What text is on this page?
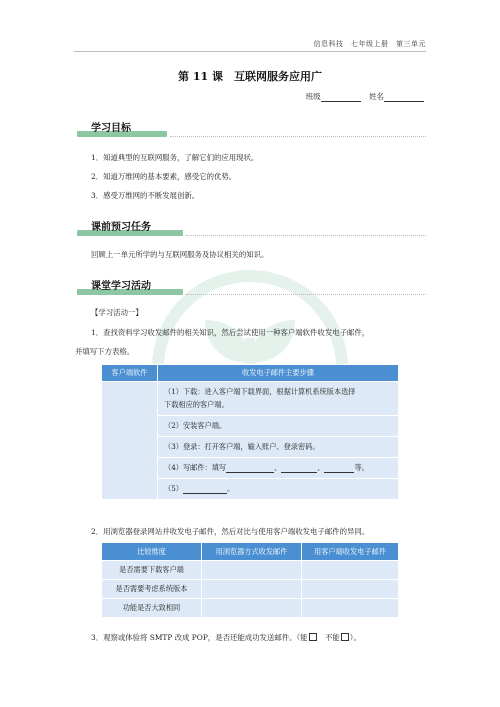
信息科技　七年级上册　第三单元
第 11 课　互联网服务应用广
班级	姓名
学习目标
1．知道典型的互联网服务，了解它们的应用现状。
2．知道万维网的基本要素，感受它的优势。
3．感受万维网的不断发展创新。
课前预习任务
回顾上一单元所学的与互联网服务及协议相关的知识。
课堂学习活动
【学习活动一】
1．查找资料学习收发邮件的相关知识，然后尝试使用一种客户端软件收发电子邮件，
并填写下方表格。
客户端软件	收发电子邮件主要步骤

	（1）下载：进入客户端下载界面，根据计算机系统版本选择
下载相应的客户端。

	（2）安装客户端。
	（3）登录：打开客户端，输入账户、登录密码。
	（4）写邮件：填写 、 、 等。
	（5） 。
2．用浏览器登录网站并收发电子邮件，然后对比与使用客户端收发电子邮件的异同。
比较维度	用浏览器方式收发邮件	用客户端收发电子邮件
是否需要下载客户端		
是否需要考虑系统版本		
功能是否大致相同		
3．观察或体验将 SMTP 改成 POP，是否还能成功发送邮件。（能　不能 ）。
